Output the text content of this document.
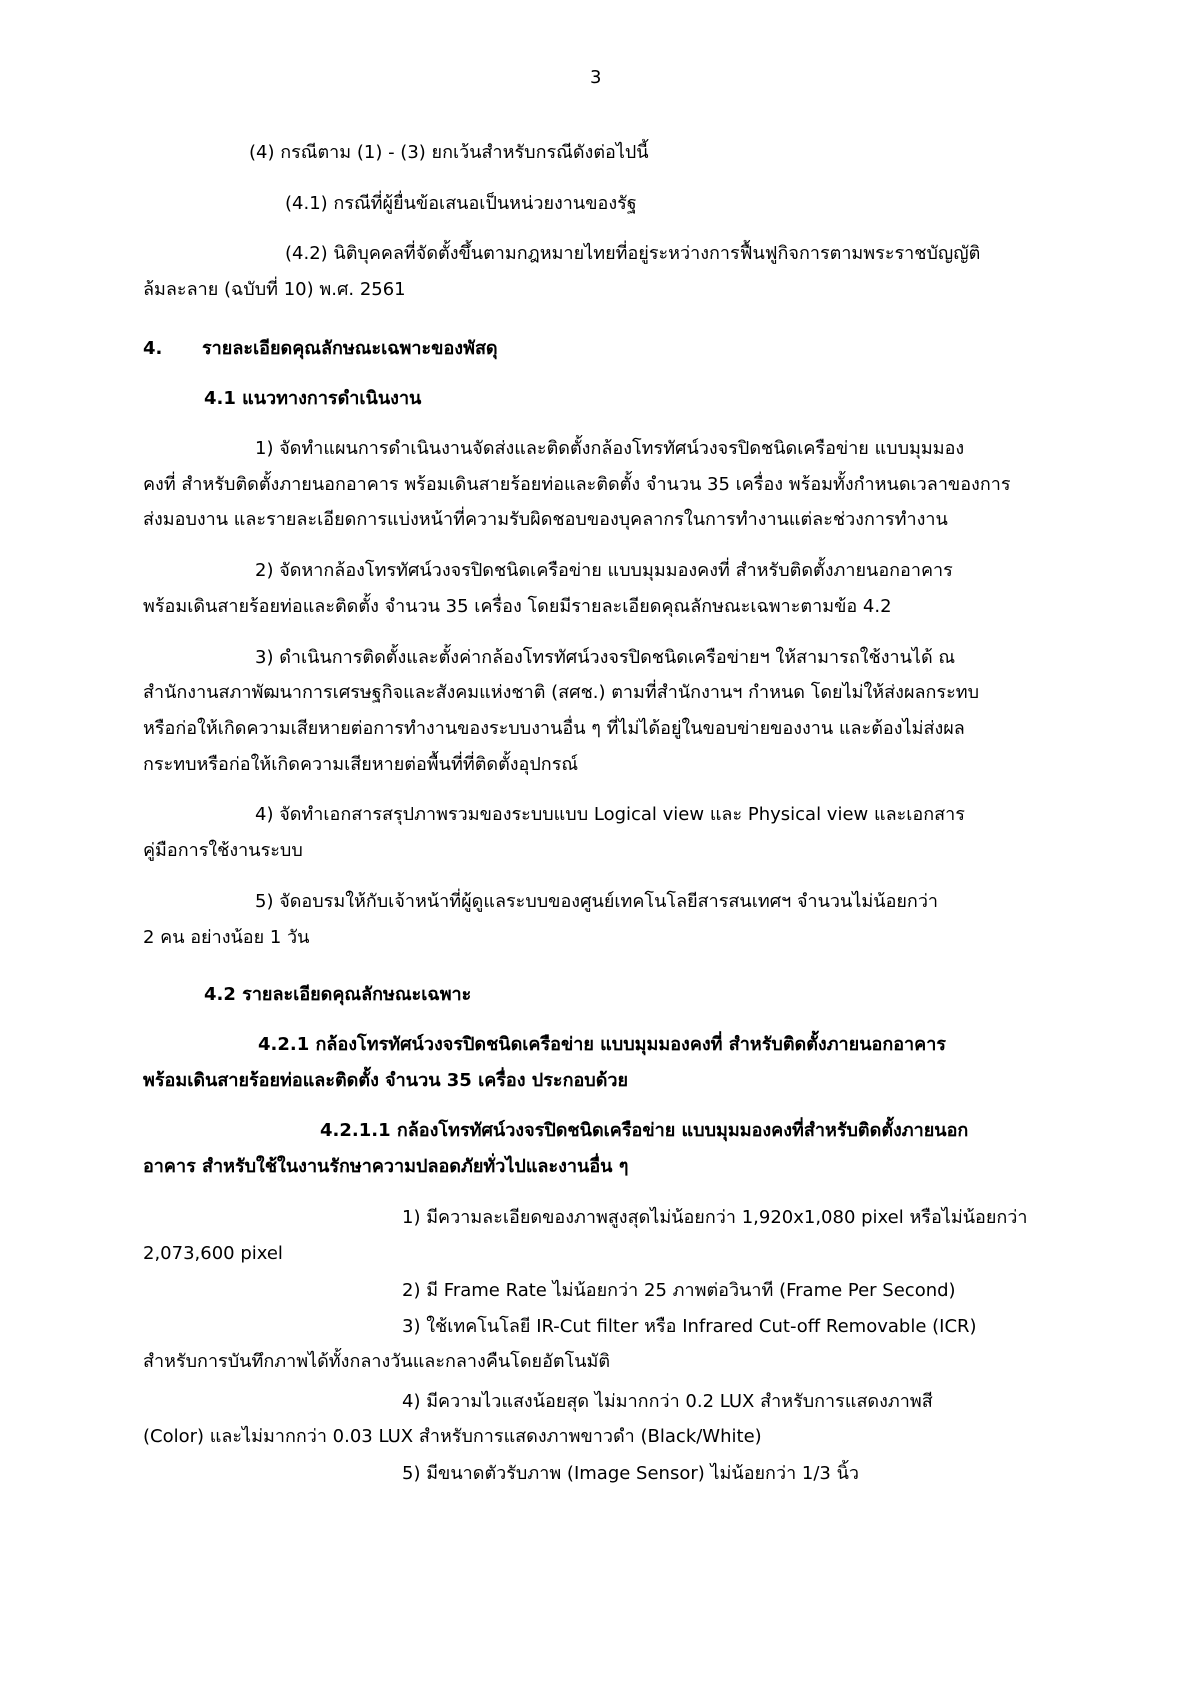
3
(4) กรณีตาม (1) - (3) ยกเว้นสำหรับกรณีดังต่อไปนี้
(4.1) กรณีที่ผู้ยื่นข้อเสนอเป็นหน่วยงานของรัฐ
(4.2) นิติบุคคลที่จัดตั้งขึ้นตามกฎหมายไทยที่อยู่ระหว่างการฟื้นฟูกิจการตามพระราชบัญญัติ
ล้มละลาย (ฉบับที่ 10) พ.ศ. 2561
4. รายละเอียดคุณลักษณะเฉพาะของพัสดุ
4.1 แนวทางการดำเนินงาน
1) จัดทำแผนการดำเนินงานจัดส่งและติดตั้งกล้องโทรทัศน์วงจรปิดชนิดเครือข่าย แบบมุมมอง
คงที่ สำหรับติดตั้งภายนอกอาคาร พร้อมเดินสายร้อยท่อและติดตั้ง จำนวน 35 เครื่อง พร้อมทั้งกำหนดเวลาของการ
ส่งมอบงาน และรายละเอียดการแบ่งหน้าที่ความรับผิดชอบของบุคลากรในการทำงานแต่ละช่วงการทำงาน
2) จัดหากล้องโทรทัศน์วงจรปิดชนิดเครือข่าย แบบมุมมองคงที่ สำหรับติดตั้งภายนอกอาคาร
พร้อมเดินสายร้อยท่อและติดตั้ง จำนวน 35 เครื่อง โดยมีรายละเอียดคุณลักษณะเฉพาะตามข้อ 4.2
3) ดำเนินการติดตั้งและตั้งค่ากล้องโทรทัศน์วงจรปิดชนิดเครือข่ายฯ ให้สามารถใช้งานได้ ณ
สำนักงานสภาพัฒนาการเศรษฐกิจและสังคมแห่งชาติ (สศช.) ตามที่สำนักงานฯ กำหนด โดยไม่ให้ส่งผลกระทบ
หรือก่อให้เกิดความเสียหายต่อการทำงานของระบบงานอื่น ๆ ที่ไม่ได้อยู่ในขอบข่ายของงาน และต้องไม่ส่งผล
กระทบหรือก่อให้เกิดความเสียหายต่อพื้นที่ที่ติดตั้งอุปกรณ์
4) จัดทำเอกสารสรุปภาพรวมของระบบแบบ Logical view และ Physical view และเอกสาร
คู่มือการใช้งานระบบ
5) จัดอบรมให้กับเจ้าหน้าที่ผู้ดูแลระบบของศูนย์เทคโนโลยีสารสนเทศฯ จำนวนไม่น้อยกว่า
2 คน อย่างน้อย 1 วัน
4.2 รายละเอียดคุณลักษณะเฉพาะ
4.2.1 กล้องโทรทัศน์วงจรปิดชนิดเครือข่าย แบบมุมมองคงที่ สำหรับติดตั้งภายนอกอาคาร
พร้อมเดินสายร้อยท่อและติดตั้ง จำนวน 35 เครื่อง ประกอบด้วย
4.2.1.1 กล้องโทรทัศน์วงจรปิดชนิดเครือข่าย แบบมุมมองคงที่สำหรับติดตั้งภายนอก
อาคาร สำหรับใช้ในงานรักษาความปลอดภัยทั่วไปและงานอื่น ๆ
1) มีความละเอียดของภาพสูงสุดไม่น้อยกว่า 1,920x1,080 pixel หรือไม่น้อยกว่า
2,073,600 pixel
2) มี Frame Rate ไม่น้อยกว่า 25 ภาพต่อวินาที (Frame Per Second)
3) ใช้เทคโนโลยี IR-Cut filter หรือ Infrared Cut-off Removable (ICR)
สำหรับการบันทึกภาพได้ทั้งกลางวันและกลางคืนโดยอัตโนมัติ
4) มีความไวแสงน้อยสุด ไม่มากกว่า 0.2 LUX สำหรับการแสดงภาพสี
(Color) และไม่มากกว่า 0.03 LUX สำหรับการแสดงภาพขาวดำ (Black/White)
5) มีขนาดตัวรับภาพ (Image Sensor) ไม่น้อยกว่า 1/3 นิ้ว
